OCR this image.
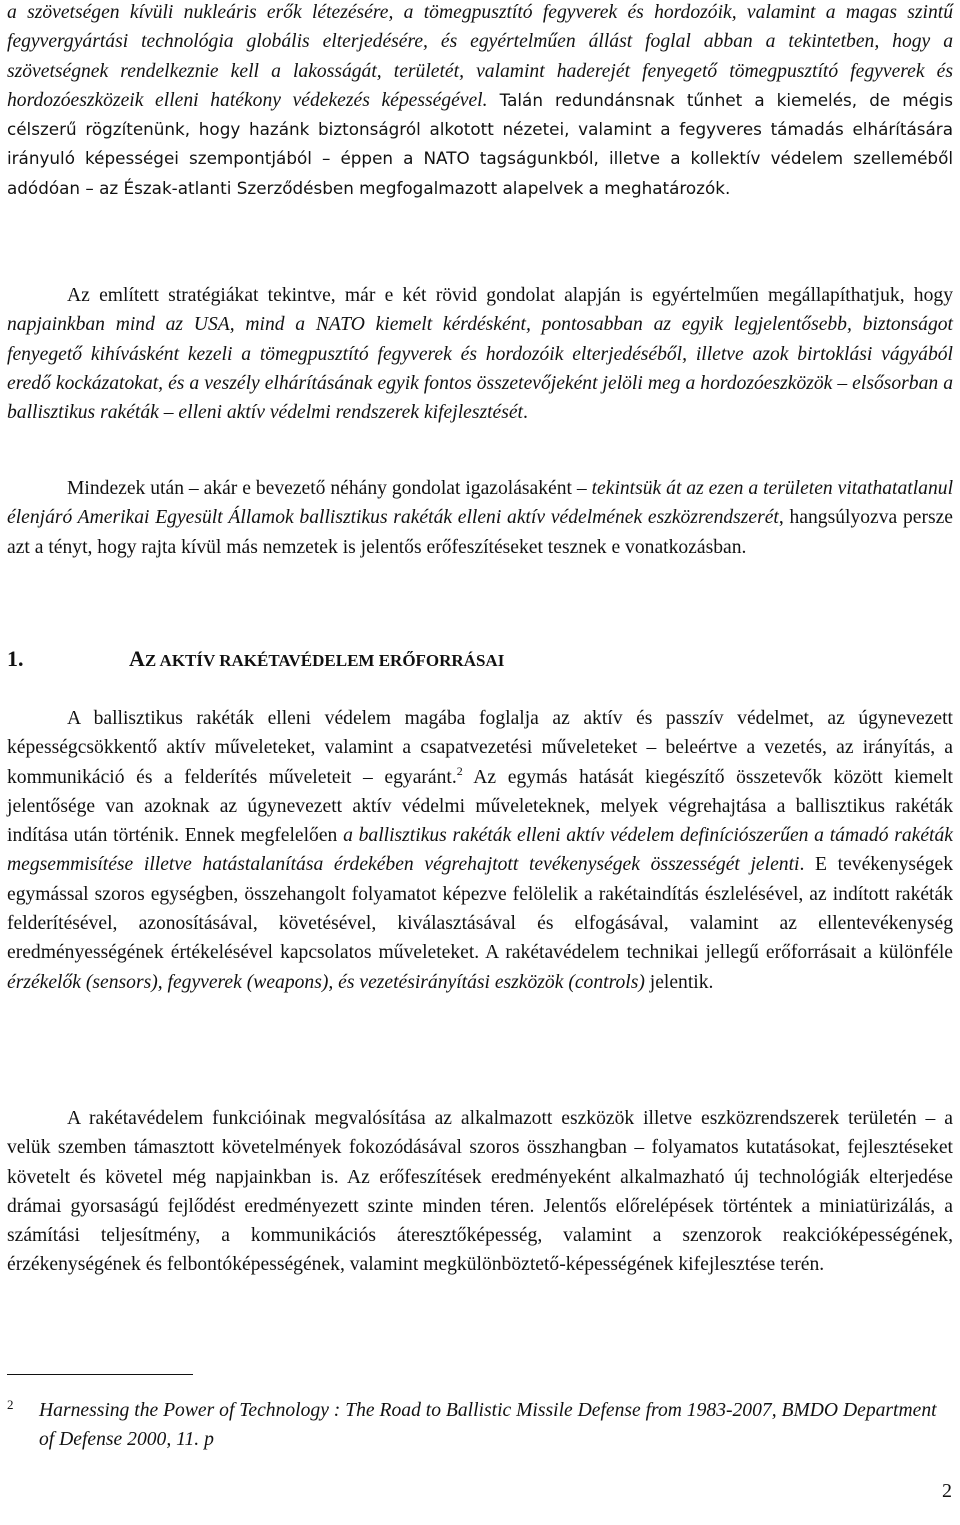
a szövetségen kívüli nukleáris erők létezésére, a tömegpusztító fegyverek és hordozóik, valamint a magas szintű fegyvergyártási technológia globális elterjedésére, és egyértelműen állást foglal abban a tekintetben, hogy a szövetségnek rendelkeznie kell a lakosságát, területét, valamint haderejét fenyegető tömegpusztító fegyverek és hordozóeszközeik elleni hatékony védekezés képességével. Talán redundánsnak tűnhet a kiemelés, de mégis célszerű rögzítenünk, hogy hazánk biztonságról alkotott nézetei, valamint a fegyveres támadás elhárítására irányuló képességei szempontjából – éppen a NATO tagságunkból, illetve a kollektív védelem szelleméből adódóan – az Észak-atlanti Szerződésben megfogalmazott alapelvek a meghatározók.

Az említett stratégiákat tekintve, már e két rövid gondolat alapján is egyértelműen megállapíthatjuk, hogy napjainkban mind az USA, mind a NATO kiemelt kérdésként, pontosabban az egyik legjelentősebb, biztonságot fenyegető kihívásként kezeli a tömegpusztító fegyverek és hordozóik elterjedéséből, illetve azok birtoklási vágyából eredő kockázatokat, és a veszély elhárításának egyik fontos összetevőjeként jelöli meg a hordozóeszközök – elsősorban a ballisztikus rakéták – elleni aktív védelmi rendszerek kifejlesztését.

Mindezek után – akár e bevezető néhány gondolat igazolásaként – tekintsük át az ezen a területen vitathatatlanul élenjáró Amerikai Egyesült Államok ballisztikus rakéták elleni aktív védelmének eszközrendszerét, hangsúlyozva persze azt a tényt, hogy rajta kívül más nemzetek is jelentős erőfeszítéseket tesznek e vonatkozásban.

1.	AZ AKTÍV RAKÉTAVÉDELEM ERŐFORRÁSAI

A ballisztikus rakéták elleni védelem magába foglalja az aktív és passzív védelmet, az úgynevezett képességcsökkentő aktív műveleteket, valamint a csapatvezetési műveleteket – beleértve a vezetés, az irányítás, a kommunikáció és a felderítés műveleteit – egyaránt.$^2$ Az egymás hatását kiegészítő összetevők között kiemelt jelentősége van azoknak az úgynevezett aktív védelmi műveleteknek, melyek végrehajtása a ballisztikus rakéták indítása után történik. Ennek megfelelően a ballisztikus rakéták elleni aktív védelem definíciószerűen a támadó rakéták megsemmisítése illetve hatástalanítása érdekében végrehajtott tevékenységek összességét jelenti. E tevékenységek egymással szoros egységben, összehangolt folyamatot képezve felölelik a rakétaindítás észlelésével, az indított rakéták felderítésével, azonosításával, követésével, kiválasztásával és elfogásával, valamint az ellentevékenység eredményességének értékelésével kapcsolatos műveleteket. A rakétavédelem technikai jellegű erőforrásait a különféle érzékelők (sensors), fegyverek (weapons), és vezetésirányítási eszközök (controls) jelentik.

A rakétavédelem funkcióinak megvalósítása az alkalmazott eszközök illetve eszközrendszerek területén – a velük szemben támasztott követelmények fokozódásával szoros összhangban – folyamatos kutatásokat, fejlesztéseket követelt és követel még napjainkban is. Az erőfeszítések eredményeként alkalmazható új technológiák elterjedése drámai gyorsaságú fejlődést eredményezett szinte minden téren. Jelentős előrelépések történtek a miniatürizálás, a számítási teljesítmény, a kommunikációs áteresztőképesség, valamint a szenzorok reakcióképességének, érzékenységének és felbontóképességének, valamint megkülönböztető-képességének kifejlesztése terén.

2 Harnessing the Power of Technology : The Road to Ballistic Missile Defense from 1983-2007, BMDO Department of Defense 2000, 11. p
2
